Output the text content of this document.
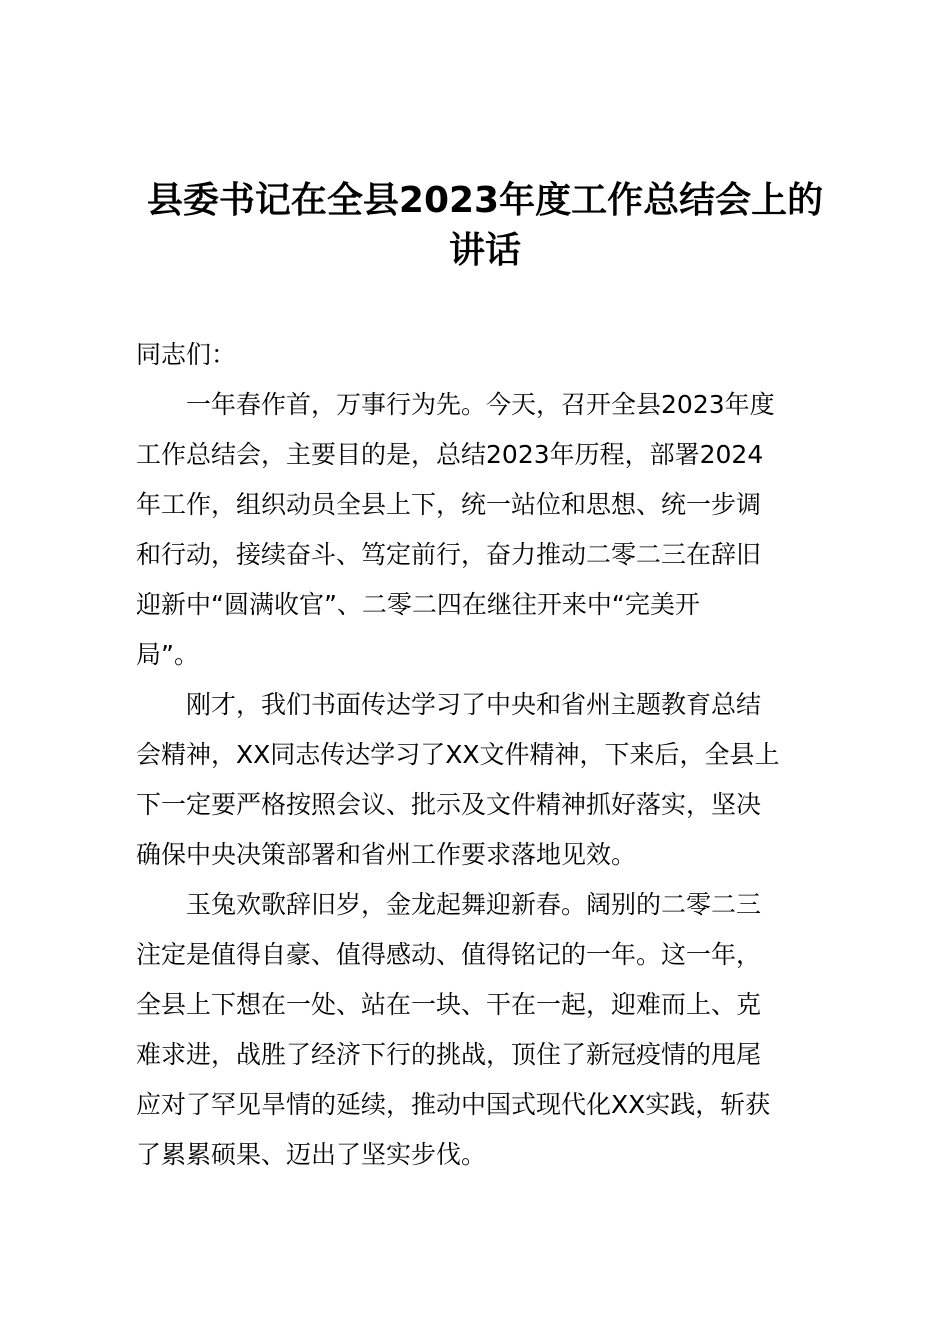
县委书记在全县2023年度工作总结会上的
讲话
同志们：
一年春作首，万事行为先。今天，召开全县2023年度
工作总结会，主要目的是，总结2023年历程，部署2024
年工作，组织动员全县上下，统一站位和思想、统一步调
和行动，接续奋斗、笃定前行，奋力推动二零二三在辞旧
迎新中“圆满收官”、二零二四在继往开来中“完美开
局”。
刚才，我们书面传达学习了中央和省州主题教育总结
会精神，XX同志传达学习了XX文件精神，下来后，全县上
下一定要严格按照会议、批示及文件精神抓好落实，坚决
确保中央决策部署和省州工作要求落地见效。
玉兔欢歌辞旧岁，金龙起舞迎新春。阔别的二零二三
注定是值得自豪、值得感动、值得铭记的一年。这一年，
全县上下想在一处、站在一块、干在一起，迎难而上、克
难求进，战胜了经济下行的挑战，顶住了新冠疫情的甩尾
应对了罕见旱情的延续，推动中国式现代化XX实践，斩获
了累累硕果、迈出了坚实步伐。
